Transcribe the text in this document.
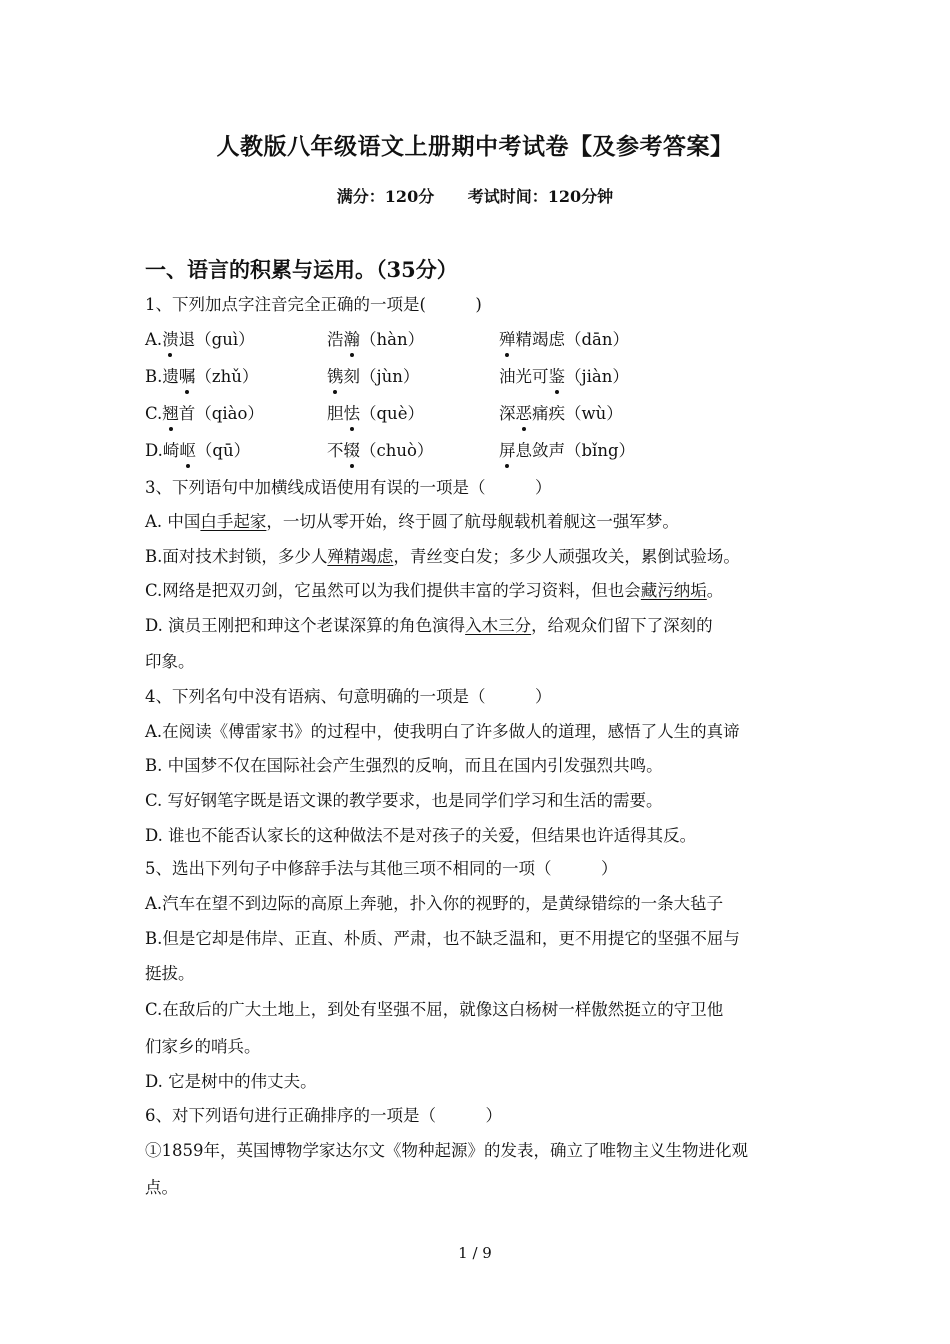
人教版八年级语文上册期中考试卷【及参考答案】
满分：120分 考试时间：120分钟
一、语言的积累与运用。（35分）
1、下列加点字注音完全正确的一项是(　　　)
A.溃退（guì）	浩瀚（hàn）	殚精竭虑（dān）
B.遗嘱（zhǔ）	镌刻（jùn）	油光可鉴（jiàn）
C.翘首（qiào）	胆怯（què）	深恶痛疾（wù）
D.崎岖（qū）	不辍（chuò）	屏息敛声（bǐng）
3、下列语句中加横线成语使用有误的一项是（　　　）
A. 中国白手起家，一切从零开始，终于圆了航母舰载机着舰这一强军梦。
B.面对技术封锁，多少人殚精竭虑，青丝变白发；多少人顽强攻关，累倒试验场。
C.网络是把双刃剑，它虽然可以为我们提供丰富的学习资料，但也会藏污纳垢。
D. 演员王刚把和珅这个老谋深算的角色演得入木三分，给观众们留下了深刻的
印象。
4、下列名句中没有语病、句意明确的一项是（　　　）
A.在阅读《傅雷家书》的过程中，使我明白了许多做人的道理，感悟了人生的真谛
B. 中国梦不仅在国际社会产生强烈的反响，而且在国内引发强烈共鸣。
C. 写好钢笔字既是语文课的教学要求，也是同学们学习和生活的需要。
D. 谁也不能否认家长的这种做法不是对孩子的关爱，但结果也许适得其反。
5、选出下列句子中修辞手法与其他三项不相同的一项（　　　）
A.汽车在望不到边际的高原上奔驰，扑入你的视野的，是黄绿错综的一条大毡子
B.但是它却是伟岸、正直、朴质、严肃，也不缺乏温和，更不用提它的坚强不屈与
挺拔。
C.在敌后的广大土地上，到处有坚强不屈，就像这白杨树一样傲然挺立的守卫他
们家乡的哨兵。
D. 它是树中的伟丈夫。
6、对下列语句进行正确排序的一项是（　　　）
①1859年，英国博物学家达尔文《物种起源》的发表，确立了唯物主义生物进化观
点。
1 / 9
